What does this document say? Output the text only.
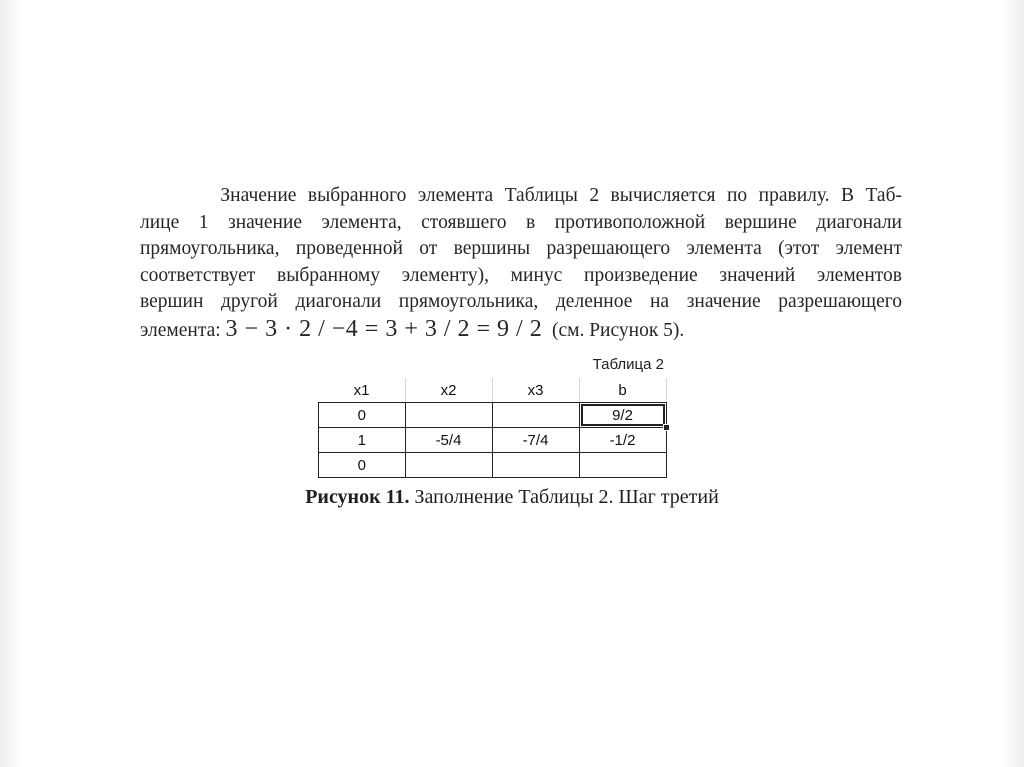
Значение выбранного элемента Таблицы 2 вычисляется по правилу. В Таб-
лице 1 значение элемента, стоявшего в противоположной вершине диагонали
прямоугольника, проведенной от вершины разрешающего элемента (этот элемент
соответствует выбранному элементу), минус произведение значений элементов
вершин другой диагонали прямоугольника, деленное на значение разрешающего
элемента: 3 − 3 · 2 / −4 = 3 + 3 / 2 = 9 / 2 (см. Рисунок 5).
Таблица 2
x1	x2	x3	b
0			9/2
1	-5/4	-7/4	-1/2
0			
Рисунок 11. Заполнение Таблицы 2. Шаг третий
